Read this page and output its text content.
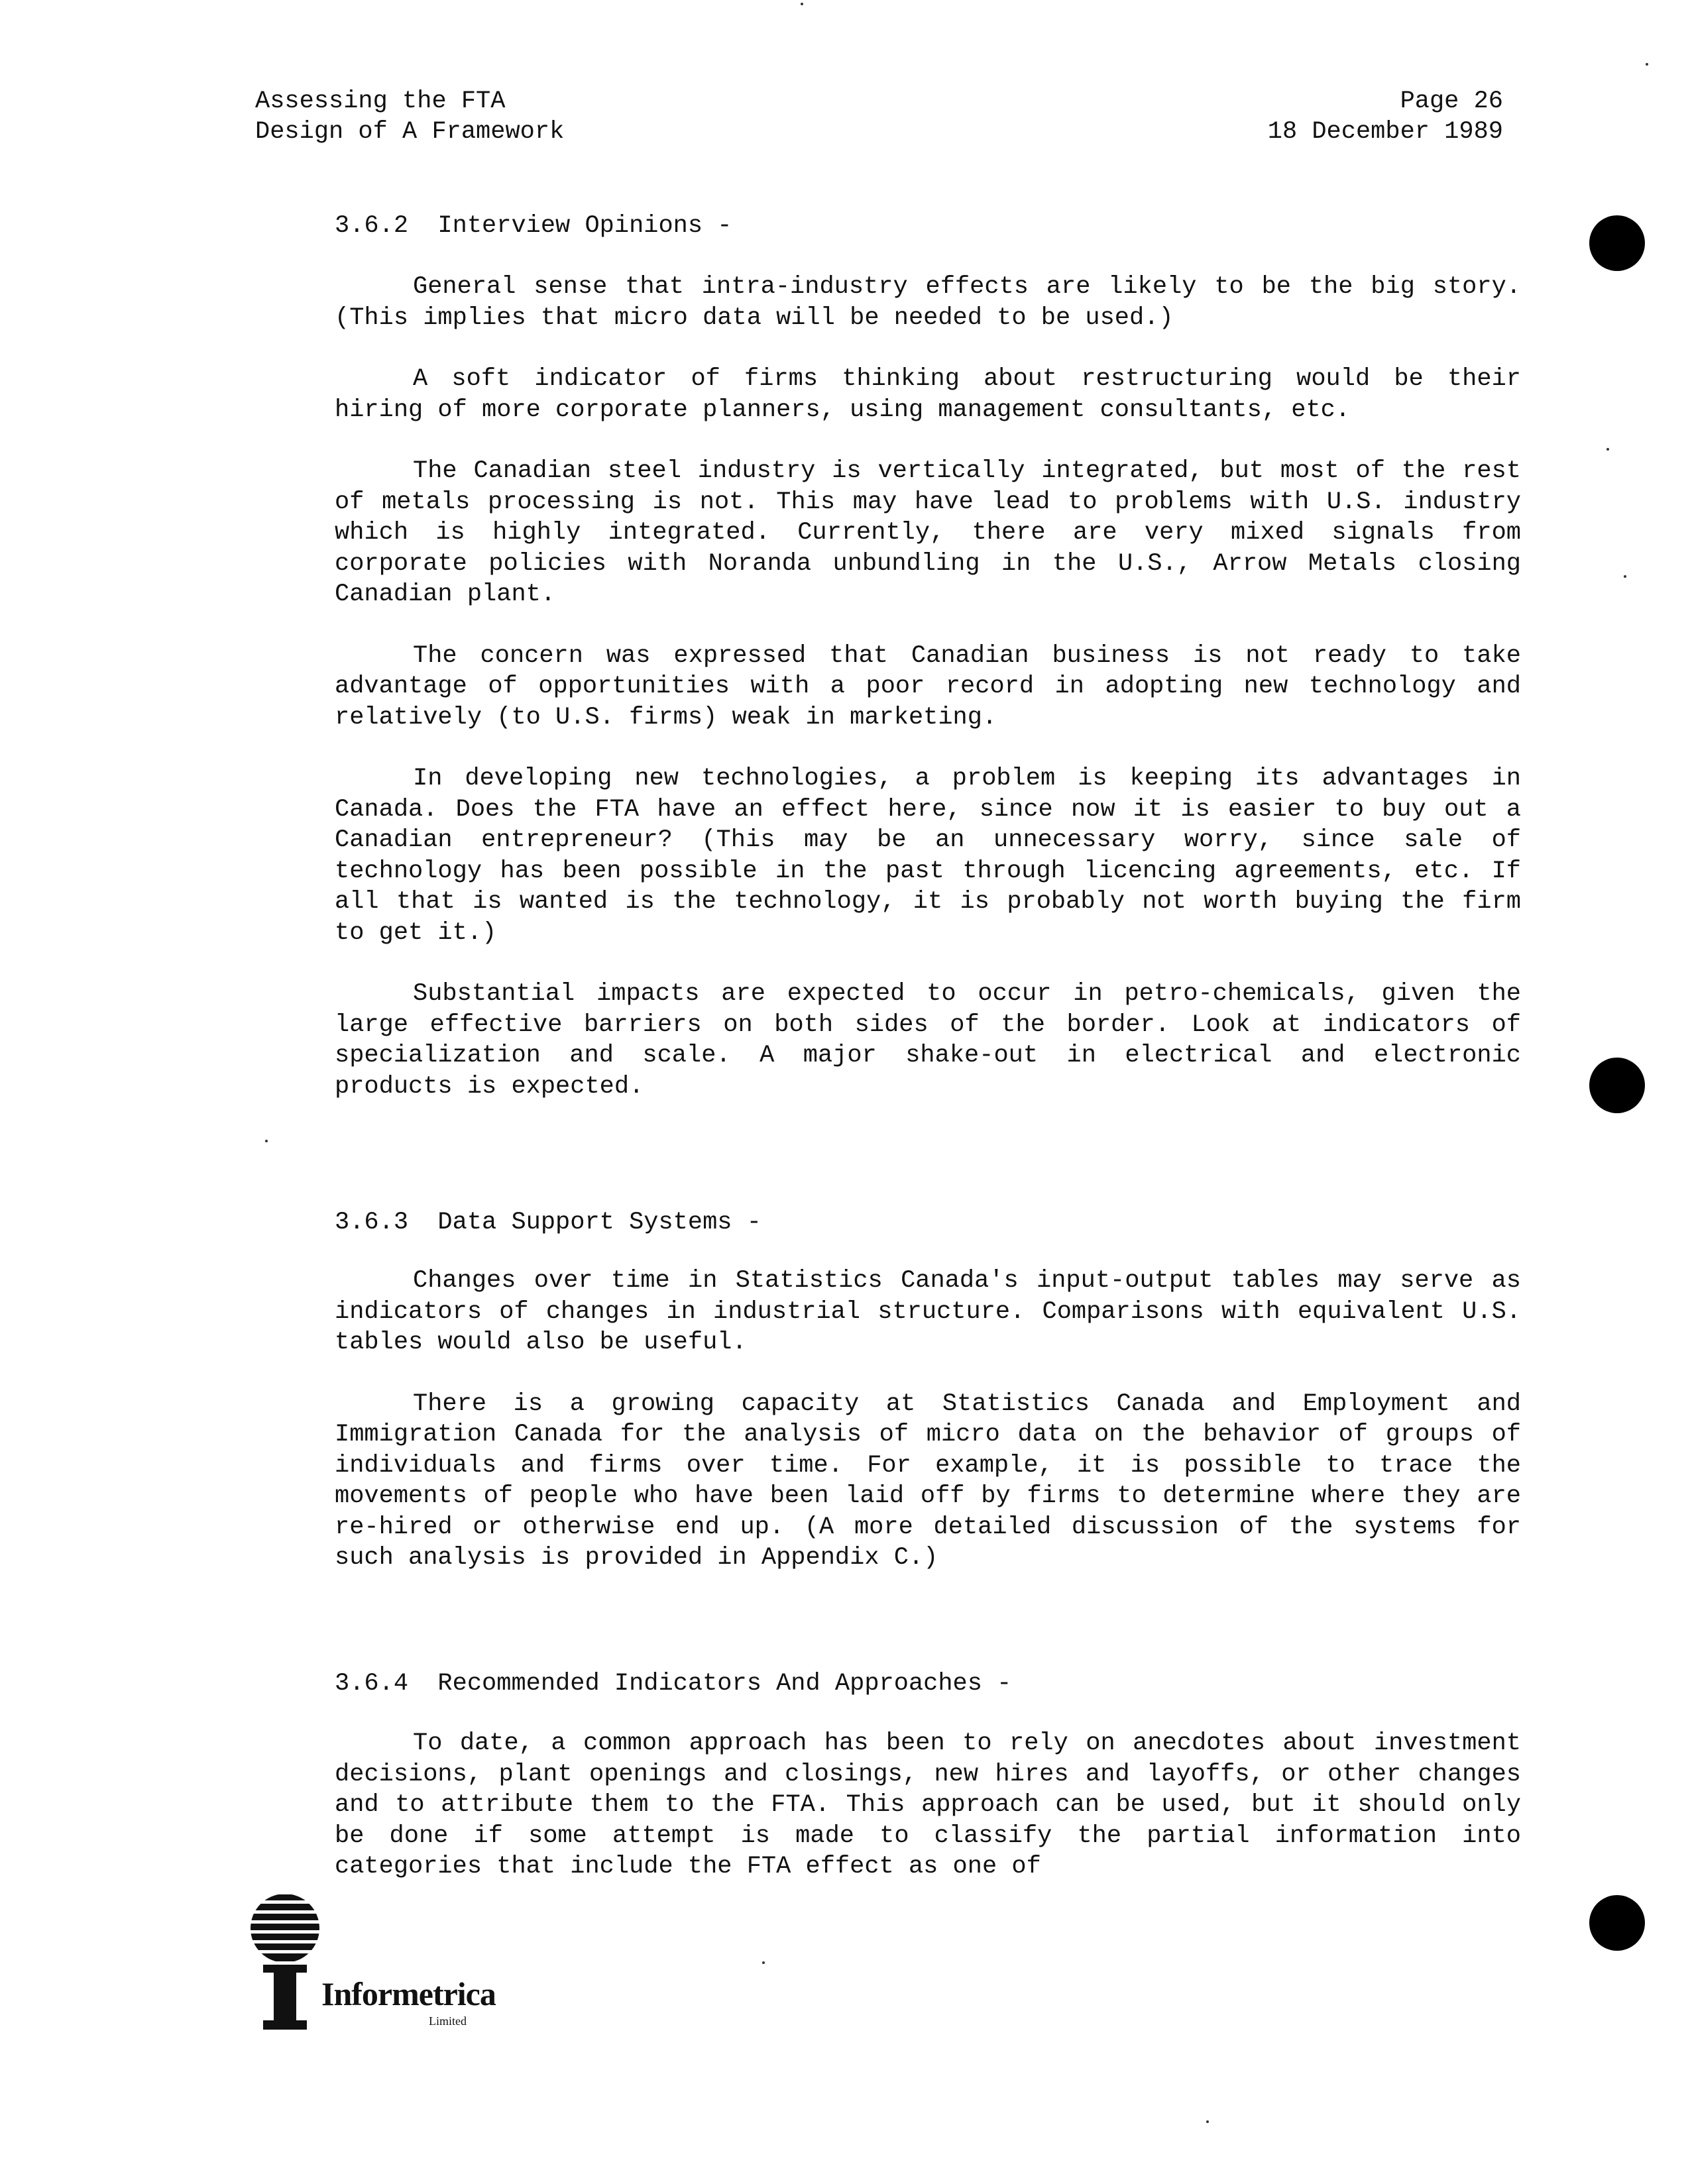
Assessing the FTA
Design of A Framework
Page 26
18 December 1989
3.6.2  Interview Opinions -

General sense that intra-industry effects are likely to be the big story. (This implies that micro data will be needed to be used.)

A soft indicator of firms thinking about restructuring would be their hiring of more corporate planners, using management consultants, etc.

The Canadian steel industry is vertically integrated, but most of the rest of metals processing is not. This may have lead to problems with U.S. industry which is highly integrated. Currently, there are very mixed signals from corporate policies with Noranda unbundling in the U.S., Arrow Metals closing Canadian plant.

The concern was expressed that Canadian business is not ready to take advantage of opportunities with a poor record in adopting new technology and relatively (to U.S. firms) weak in marketing.

In developing new technologies, a problem is keeping its advantages in Canada. Does the FTA have an effect here, since now it is easier to buy out a Canadian entrepreneur? (This may be an unnecessary worry, since sale of technology has been possible in the past through licencing agreements, etc. If all that is wanted is the technology, it is probably not worth buying the firm to get it.)

Substantial impacts are expected to occur in petro-chemicals, given the large effective barriers on both sides of the border. Look at indicators of specialization and scale. A major shake-out in electrical and electronic products is expected.

3.6.3  Data Support Systems -

Changes over time in Statistics Canada's input-output tables may serve as indicators of changes in industrial structure. Comparisons with equivalent U.S. tables would also be useful.

There is a growing capacity at Statistics Canada and Employment and Immigration Canada for the analysis of micro data on the behavior of groups of individuals and firms over time. For example, it is possible to trace the movements of people who have been laid off by firms to determine where they are re-hired or otherwise end up. (A more detailed discussion of the systems for such analysis is provided in Appendix C.)

3.6.4  Recommended Indicators And Approaches -

To date, a common approach has been to rely on anecdotes about investment decisions, plant openings and closings, new hires and layoffs, or other changes and to attribute them to the FTA. This approach can be used, but it should only be done if some attempt is made to classify the partial information into categories that include the FTA effect as one of

Informetrica
Limited
